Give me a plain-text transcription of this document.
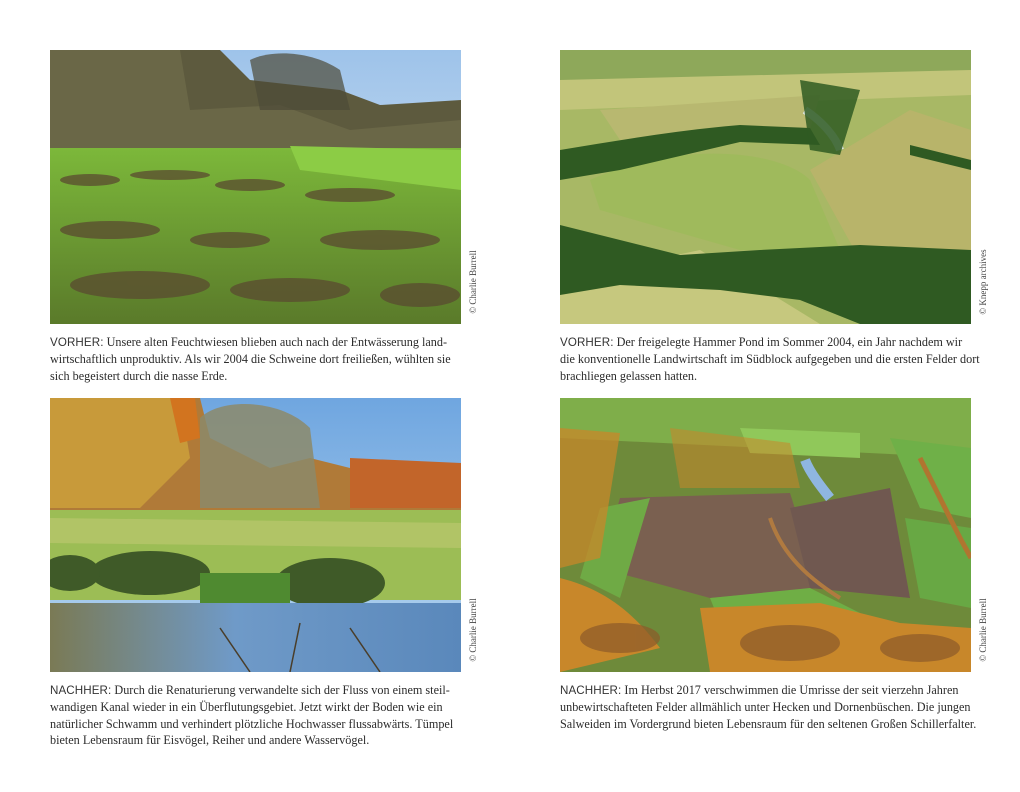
© Charlie Burrell
VORHER: Unsere alten Feuchtwiesen blieben auch nach der Entwässerung landwirtschaftlich unproduktiv. Als wir 2004 die Schweine dort freiließen, wühlten sie sich begeistert durch die nasse Erde.
© Knepp archives
VORHER: Der freigelegte Hammer Pond im Sommer 2004, ein Jahr nachdem wir die konventionelle Landwirtschaft im Südblock aufgegeben und die ersten Felder dort brachliegen gelassen hatten.
© Charlie Burrell
NACHHER: Durch die Renaturierung verwandelte sich der Fluss von einem steilwandigen Kanal wieder in ein Überflutungsgebiet. Jetzt wirkt der Boden wie ein natürlicher Schwamm und verhindert plötzliche Hochwasser flussabwärts. Tümpel bieten Lebensraum für Eisvögel, Reiher und andere Wasservögel.
© Charlie Burrell
NACHHER: Im Herbst 2017 verschwimmen die Umrisse der seit vierzehn Jahren unbewirtschafteten Felder allmählich unter Hecken und Dornenbüschen. Die jungen Salweiden im Vordergrund bieten Lebensraum für den seltenen Großen Schillerfalter.
